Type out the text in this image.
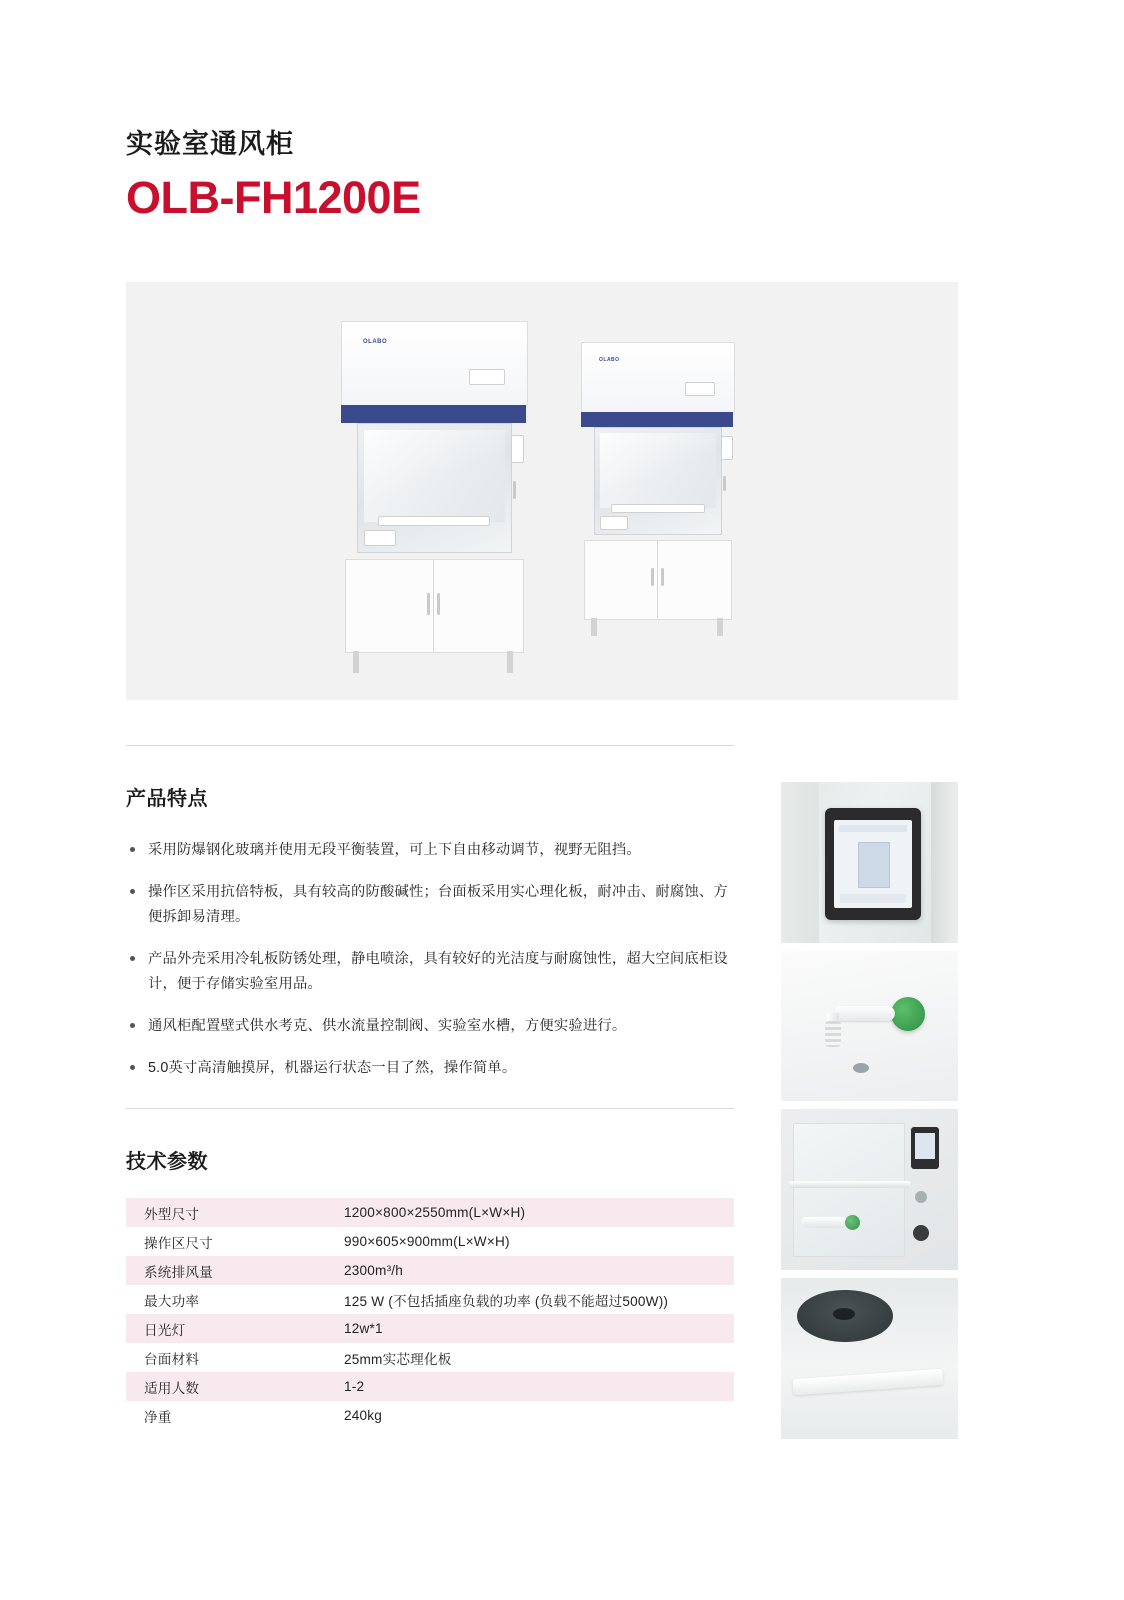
实验室通风柜
OLB-FH1200E
OLABO
OLABO
产品特点
采用防爆钢化玻璃并使用无段平衡装置，可上下自由移动调节，视野无阻挡。
操作区采用抗倍特板，具有较高的防酸碱性；台面板采用实心理化板，耐冲击、耐腐蚀、方便拆卸易清理。
产品外壳采用冷轧板防锈处理，静电喷涂，具有较好的光洁度与耐腐蚀性，超大空间底柜设计，便于存储实验室用品。
通风柜配置壁式供水考克、供水流量控制阀、实验室水槽，方便实验进行。
5.0英寸高清触摸屏，机器运行状态一目了然，操作简单。
技术参数
外型尺寸	1200×800×2550mm(L×W×H)
操作区尺寸	990×605×900mm(L×W×H)
系统排风量	2300m³/h
最大功率	125 W (不包括插座负载的功率 (负载不能超过500W))
日光灯	12w*1
台面材料	25mm实芯理化板
适用人数	1-2
净重	240kg
